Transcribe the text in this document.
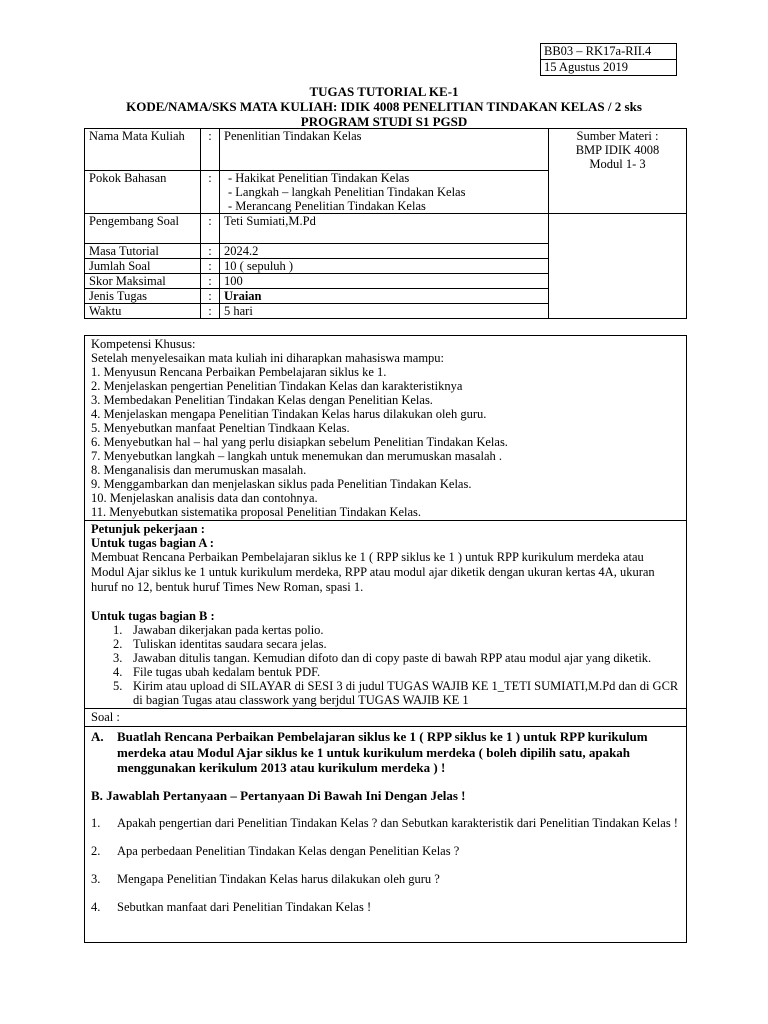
BB03 – RK17a-RII.4
15 Agustus 2019
TUGAS TUTORIAL KE-1
KODE/NAMA/SKS MATA KULIAH: IDIK 4008 PENELITIAN TINDAKAN KELAS / 2 sks
PROGRAM STUDI S1 PGSD
Nama Mata Kuliah	:	Penenlitian Tindakan Kelas	Sumber Materi :
BMP IDIK 4008
Modul 1- 3

Pokok Bahasan	:	- Hakikat Penelitian Tindakan Kelas
- Langkah – langkah Penelitian Tindakan Kelas
- Merancang Penelitian Tindakan Kelas	

Pengembang Soal	:	Teti Sumiati,M.Pd	
Masa Tutorial	:	2024.2	
Jumlah Soal	:	10 ( sepuluh )	
Skor Maksimal	:	100	
Jenis Tugas	:	Uraian	
Waktu	:	5 hari	
Kompetensi Khusus:
Setelah menyelesaikan mata kuliah ini diharapkan mahasiswa mampu:
1. Menyusun Rencana Perbaikan Pembelajaran siklus ke 1.
2. Menjelaskan pengertian Penelitian Tindakan Kelas dan karakteristiknya
3. Membedakan Penelitian Tindakan Kelas dengan Penelitian Kelas.
4. Menjelaskan mengapa Penelitian Tindakan Kelas harus dilakukan oleh guru.
5. Menyebutkan manfaat Peneltian Tindkaan Kelas.
6. Menyebutkan hal – hal yang perlu disiapkan sebelum Penelitian Tindakan Kelas.
7. Menyebutkan langkah – langkah untuk menemukan dan merumuskan masalah .
8. Menganalisis dan merumuskan masalah.
9. Menggambarkan dan menjelaskan siklus pada Penelitian Tindakan Kelas.
10. Menjelaskan analisis data dan contohnya.
11. Menyebutkan sistematika proposal Penelitian Tindakan Kelas.
Petunjuk pekerjaan :
Untuk tugas bagian A :
Membuat Rencana Perbaikan Pembelajaran siklus ke 1 ( RPP siklus ke 1 ) untuk RPP kurikulum merdeka atau Modul Ajar siklus ke 1 untuk kurikulum merdeka, RPP atau modul ajar diketik dengan ukuran kertas 4A, ukuran huruf no 12, bentuk huruf Times New Roman, spasi 1.
Untuk tugas bagian B :
1. Jawaban dikerjakan pada kertas polio.
2. Tuliskan identitas saudara secara jelas.
3. Jawaban ditulis tangan. Kemudian difoto dan di copy paste di bawah RPP atau modul ajar yang diketik.
4. File tugas ubah kedalam bentuk PDF.
5. Kirim atau upload di SILAYAR di SESI 3 di judul TUGAS WAJIB KE 1_TETI SUMIATI,M.Pd dan di GCR di bagian Tugas atau classwork yang berjdul TUGAS WAJIB KE 1
Soal :
A.	Buatlah Rencana Perbaikan Pembelajaran siklus ke 1 ( RPP siklus ke 1 ) untuk RPP kurikulum merdeka atau Modul Ajar siklus ke 1 untuk kurikulum merdeka ( boleh dipilih satu, apakah menggunakan kerikulum 2013 atau kurikulum merdeka ) !
B. Jawablah Pertanyaan – Pertanyaan Di Bawah Ini Dengan Jelas !
1.	Apakah pengertian dari Penelitian Tindakan Kelas ? dan Sebutkan karakteristik dari Penelitian Tindakan Kelas !
2.	Apa perbedaan Penelitian Tindakan Kelas dengan Penelitian Kelas ?
3.	Mengapa Penelitian Tindakan Kelas harus dilakukan oleh guru ?
4.	Sebutkan manfaat dari Penelitian Tindakan Kelas !
